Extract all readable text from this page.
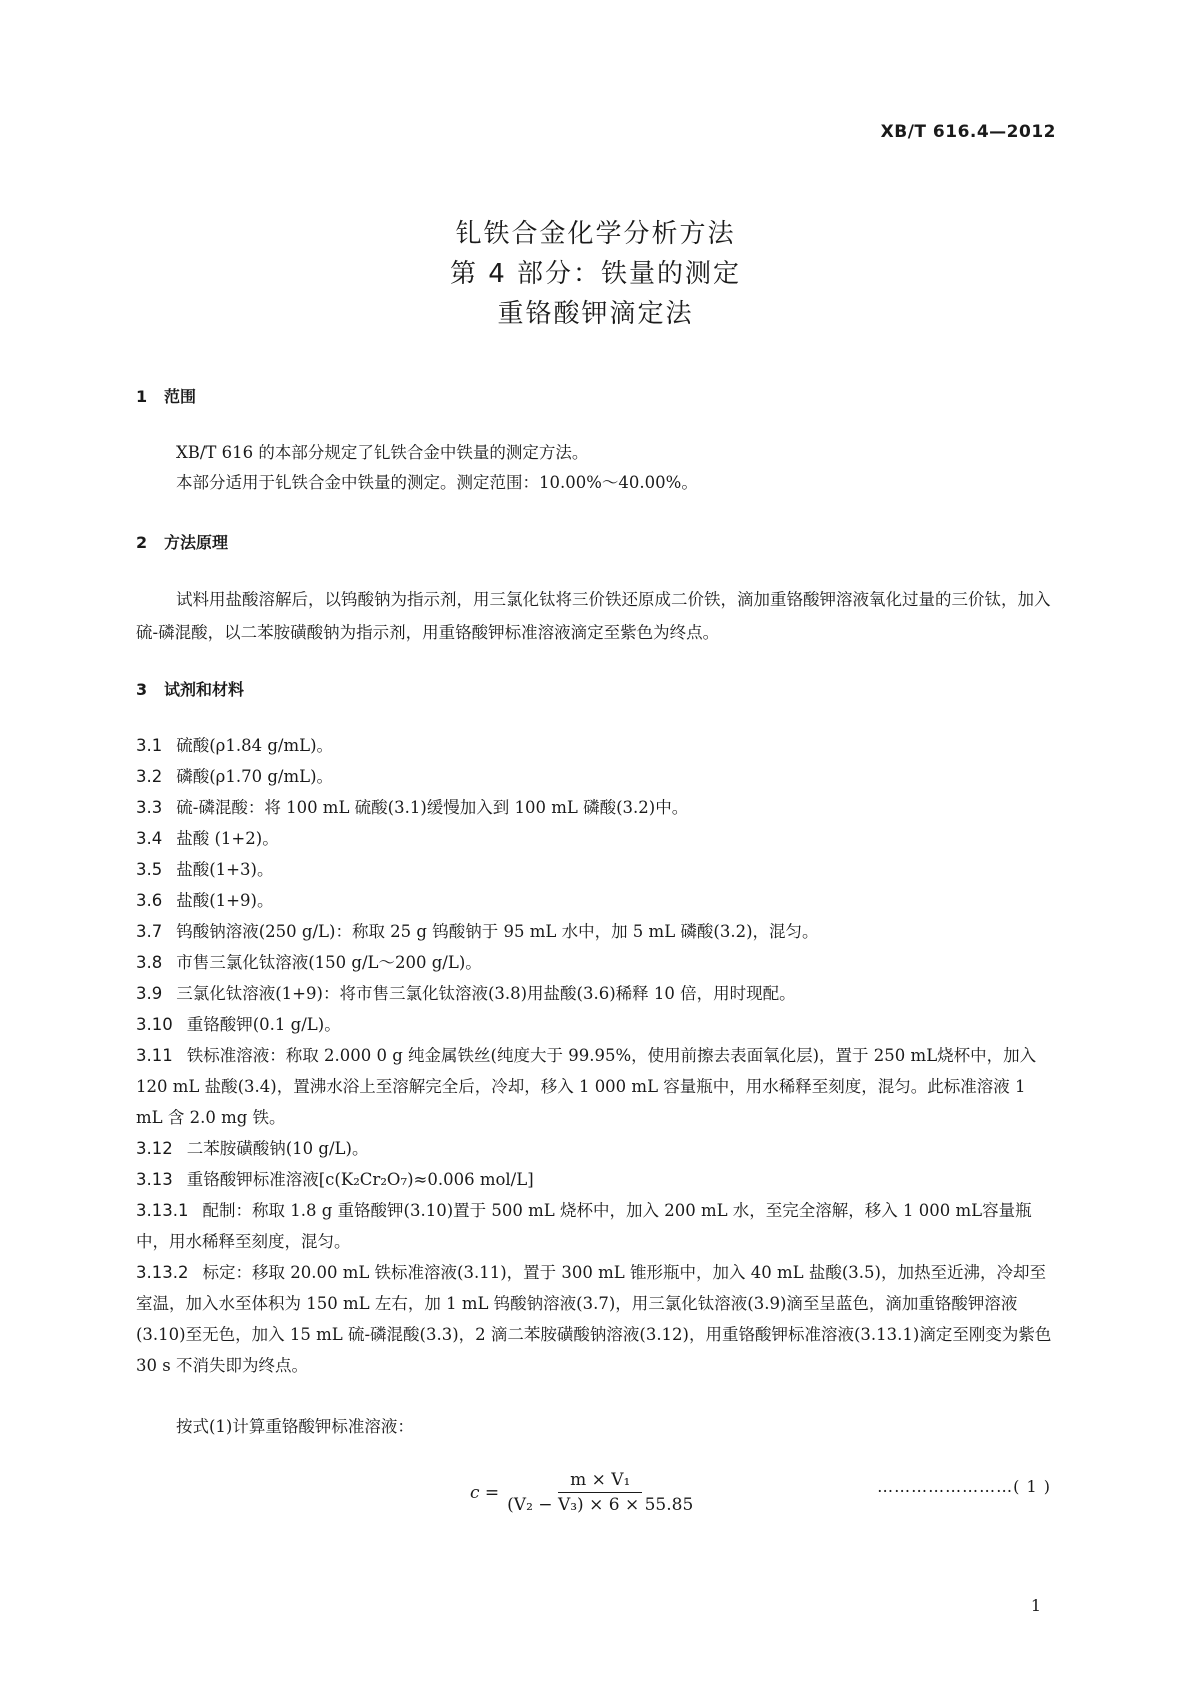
XB/T 616.4—2012
钆铁合金化学分析方法
第 4 部分：铁量的测定
重铬酸钾滴定法
1 范围
XB/T 616 的本部分规定了钆铁合金中铁量的测定方法。
本部分适用于钆铁合金中铁量的测定。测定范围：10.00%～40.00%。
2 方法原理
试料用盐酸溶解后，以钨酸钠为指示剂，用三氯化钛将三价铁还原成二价铁，滴加重铬酸钾溶液氧化过量的三价钛，加入硫-磷混酸，以二苯胺磺酸钠为指示剂，用重铬酸钾标准溶液滴定至紫色为终点。
3 试剂和材料
3.1 硫酸(ρ1.84 g/mL)。
3.2 磷酸(ρ1.70 g/mL)。
3.3 硫-磷混酸：将 100 mL 硫酸(3.1)缓慢加入到 100 mL 磷酸(3.2)中。
3.4 盐酸 (1+2)。
3.5 盐酸(1+3)。
3.6 盐酸(1+9)。
3.7 钨酸钠溶液(250 g/L)：称取 25 g 钨酸钠于 95 mL 水中，加 5 mL 磷酸(3.2)，混匀。
3.8 市售三氯化钛溶液(150 g/L～200 g/L)。
3.9 三氯化钛溶液(1+9)：将市售三氯化钛溶液(3.8)用盐酸(3.6)稀释 10 倍，用时现配。
3.10 重铬酸钾(0.1 g/L)。
3.11 铁标准溶液：称取 2.000 0 g 纯金属铁丝(纯度大于 99.95%，使用前擦去表面氧化层)，置于 250 mL烧杯中，加入 120 mL 盐酸(3.4)，置沸水浴上至溶解完全后，冷却，移入 1 000 mL 容量瓶中，用水稀释至刻度，混匀。此标准溶液 1 mL 含 2.0 mg 铁。
3.12 二苯胺磺酸钠(10 g/L)。
3.13 重铬酸钾标准溶液[c(K₂Cr₂O₇)≈0.006 mol/L]
3.13.1 配制：称取 1.8 g 重铬酸钾(3.10)置于 500 mL 烧杯中，加入 200 mL 水，至完全溶解，移入 1 000 mL容量瓶中，用水稀释至刻度，混匀。
3.13.2 标定：移取 20.00 mL 铁标准溶液(3.11)，置于 300 mL 锥形瓶中，加入 40 mL 盐酸(3.5)，加热至近沸，冷却至室温，加入水至体积为 150 mL 左右，加 1 mL 钨酸钠溶液(3.7)，用三氯化钛溶液(3.9)滴至呈蓝色，滴加重铬酸钾溶液(3.10)至无色，加入 15 mL 硫-磷混酸(3.3)，2 滴二苯胺磺酸钠溶液(3.12)，用重铬酸钾标准溶液(3.13.1)滴定至刚变为紫色 30 s 不消失即为终点。
按式(1)计算重铬酸钾标准溶液：
$c = \frac{\text{m × V₁}}{\text{(V₂ − V₃) × 6 × 55.85}}$	……………………( 1 )
1
